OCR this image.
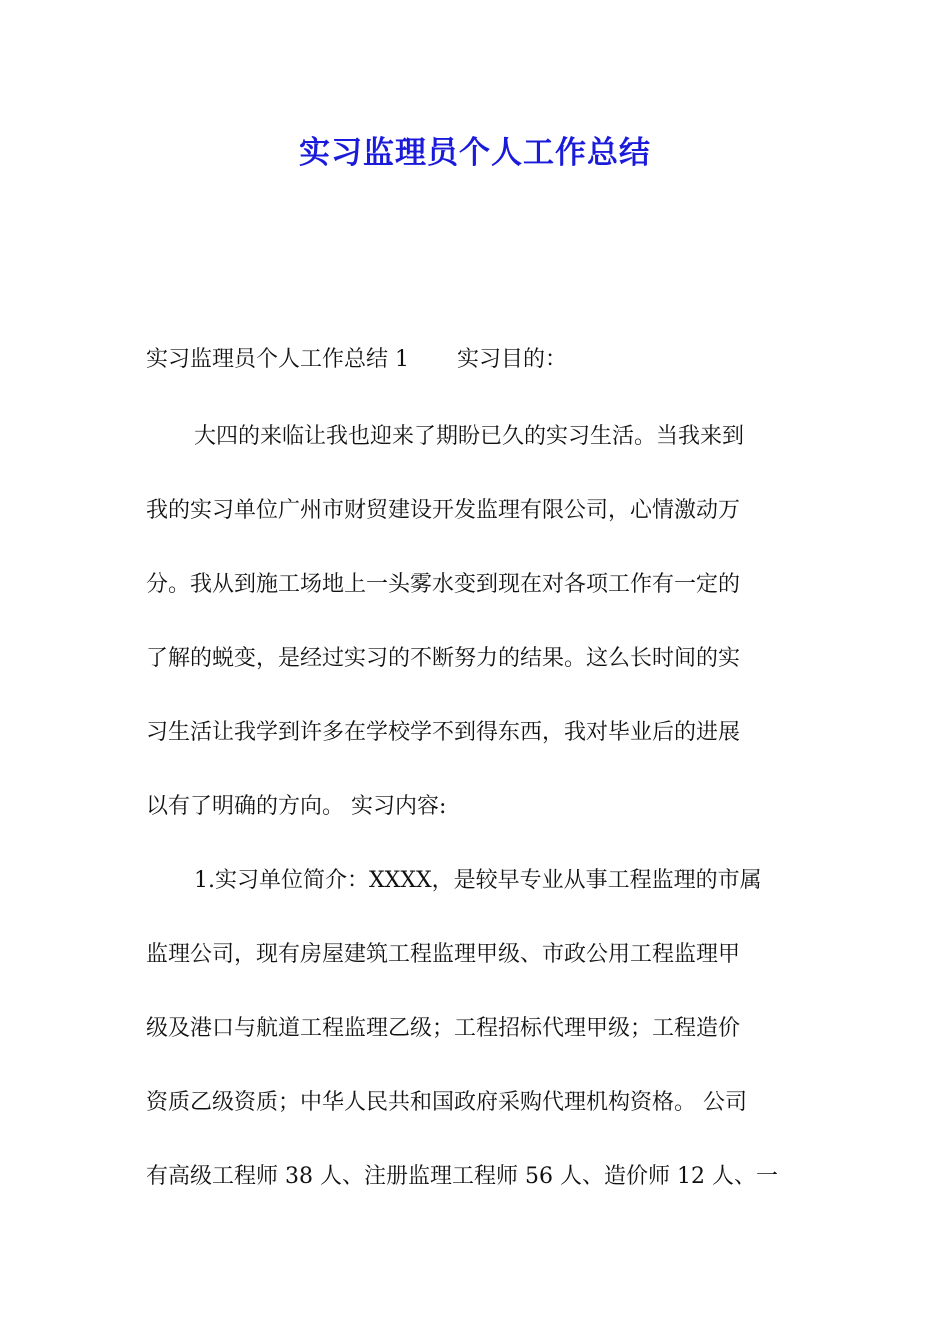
实习监理员个人工作总结
实习监理员个人工作总结 1 实习目的：
大四的来临让我也迎来了期盼已久的实习生活。当我来到
我的实习单位广州市财贸建设开发监理有限公司，心情激动万
分。我从到施工场地上一头雾水变到现在对各项工作有一定的
了解的蜕变，是经过实习的不断努力的结果。这么长时间的实
习生活让我学到许多在学校学不到得东西，我对毕业后的进展
以有了明确的方向。 实习内容:
1.实习单位简介：XXXX，是较早专业从事工程监理的市属
监理公司，现有房屋建筑工程监理甲级、市政公用工程监理甲
级及港口与航道工程监理乙级；工程招标代理甲级；工程造价
资质乙级资质；中华人民共和国政府采购代理机构资格。 公司
有高级工程师 38 人、注册监理工程师 56 人、造价师 12 人、一
